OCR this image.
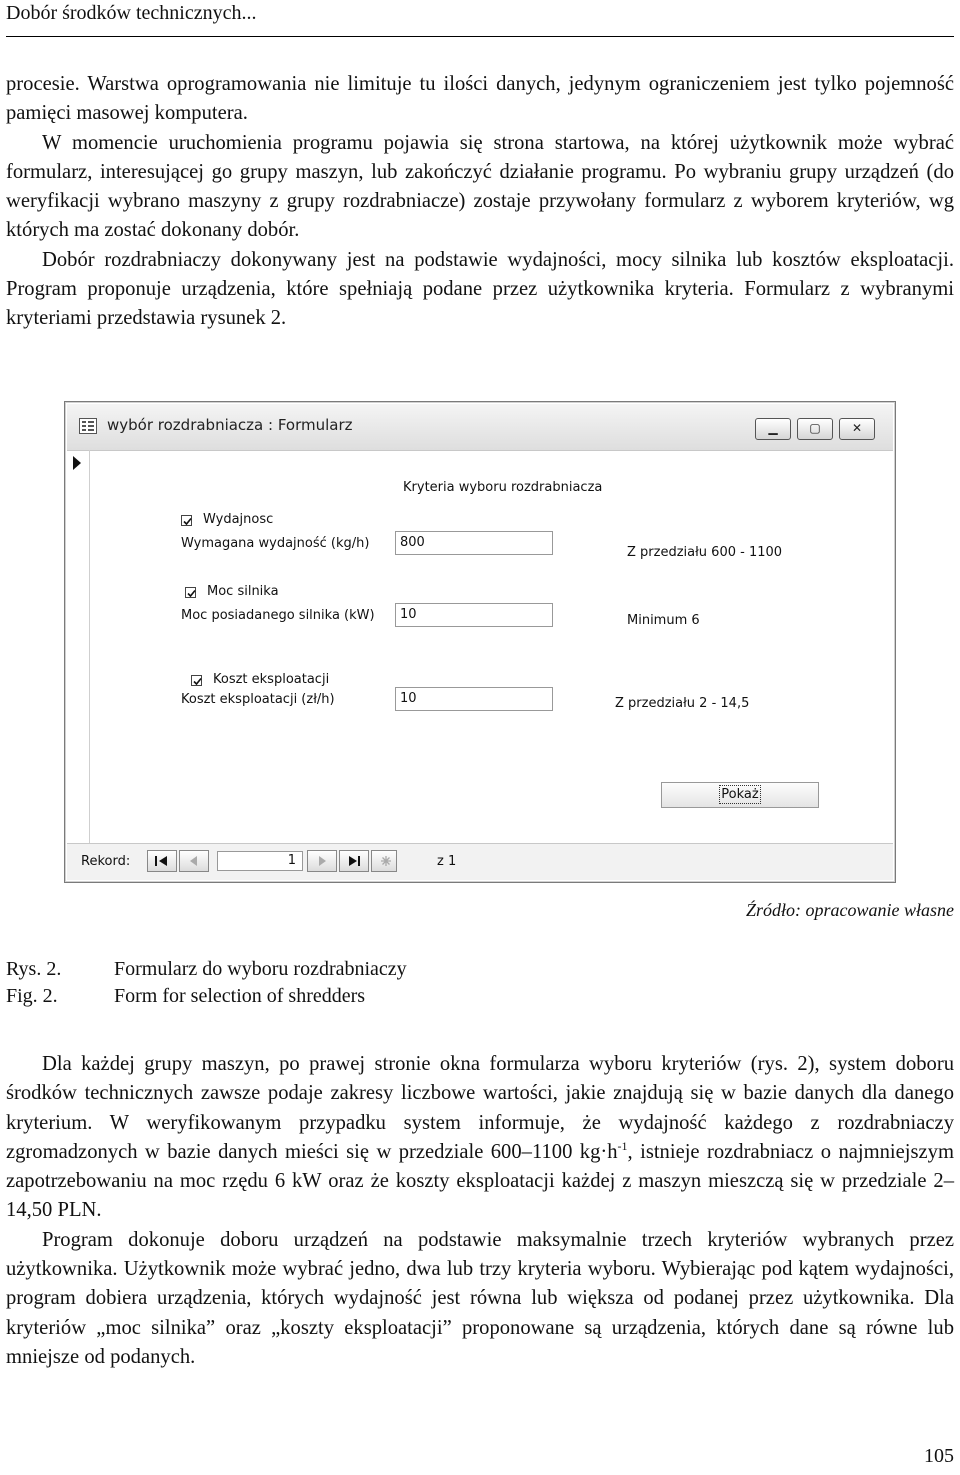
Dobór środków technicznych...
procesie. Warstwa oprogramowania nie limituje tu ilości danych, jedynym ograniczeniem jest tylko pojemność pamięci masowej komputera.
W momencie uruchomienia programu pojawia się strona startowa, na której użytkownik może wybrać formularz, interesującej go grupy maszyn, lub zakończyć działanie programu. Po wybraniu grupy urządzeń (do weryfikacji wybrano maszyny z grupy rozdrabniacze) zostaje przywołany formularz z wyborem kryteriów, wg których ma zostać dokonany dobór.
Dobór rozdrabniaczy dokonywany jest na podstawie wydajności, mocy silnika lub kosztów eksploatacji. Program proponuje urządzenia, które spełniają podane przez użytkownika kryteria. Formularz z wybranymi kryteriami przedstawia rysunek 2.
wybór rozdrabniacza : Formularz	▁	▢	✕
Kryteria wyboru rozdrabniacza
Wydajnosc
Wymagana wydajność (kg/h)	800
Z przedziału 600 - 1100
Moc silnika
Moc posiadanego silnika (kW)	10	Minimum 6
Koszt eksploatacji
Koszt eksploatacji (zł/h)	10	Z przedziału 2 - 14,5
Pokaż
Rekord:	1	z 1
Źródło: opracowanie własne
Rys. 2.	Formularz do wyboru rozdrabniaczy
Fig. 2.	Form for selection of shredders
Dla każdej grupy maszyn, po prawej stronie okna formularza wyboru kryteriów (rys. 2), system doboru środków technicznych zawsze podaje zakresy liczbowe wartości, jakie znajdują się w bazie danych dla danego kryterium. W weryfikowanym przypadku system informuje, że wydajność każdego z rozdrabniaczy zgromadzonych w bazie danych mieści się w przedziale 600–1100 $kg\cdot h^{-1}$, istnieje rozdrabniacz o najmniejszym zapotrzebowaniu na moc rzędu 6 kW oraz że koszty eksploatacji każdej z maszyn mieszczą się w przedziale 2–14,50 PLN.
Program dokonuje doboru urządzeń na podstawie maksymalnie trzech kryteriów wybranych przez użytkownika. Użytkownik może wybrać jedno, dwa lub trzy kryteria wyboru. Wybierając pod kątem wydajności, program dobiera urządzenia, których wydajność jest równa lub większa od podanej przez użytkownika. Dla kryteriów „moc silnika” oraz „koszty eksploatacji” proponowane są urządzenia, których dane są równe lub mniejsze od podanych.
105
